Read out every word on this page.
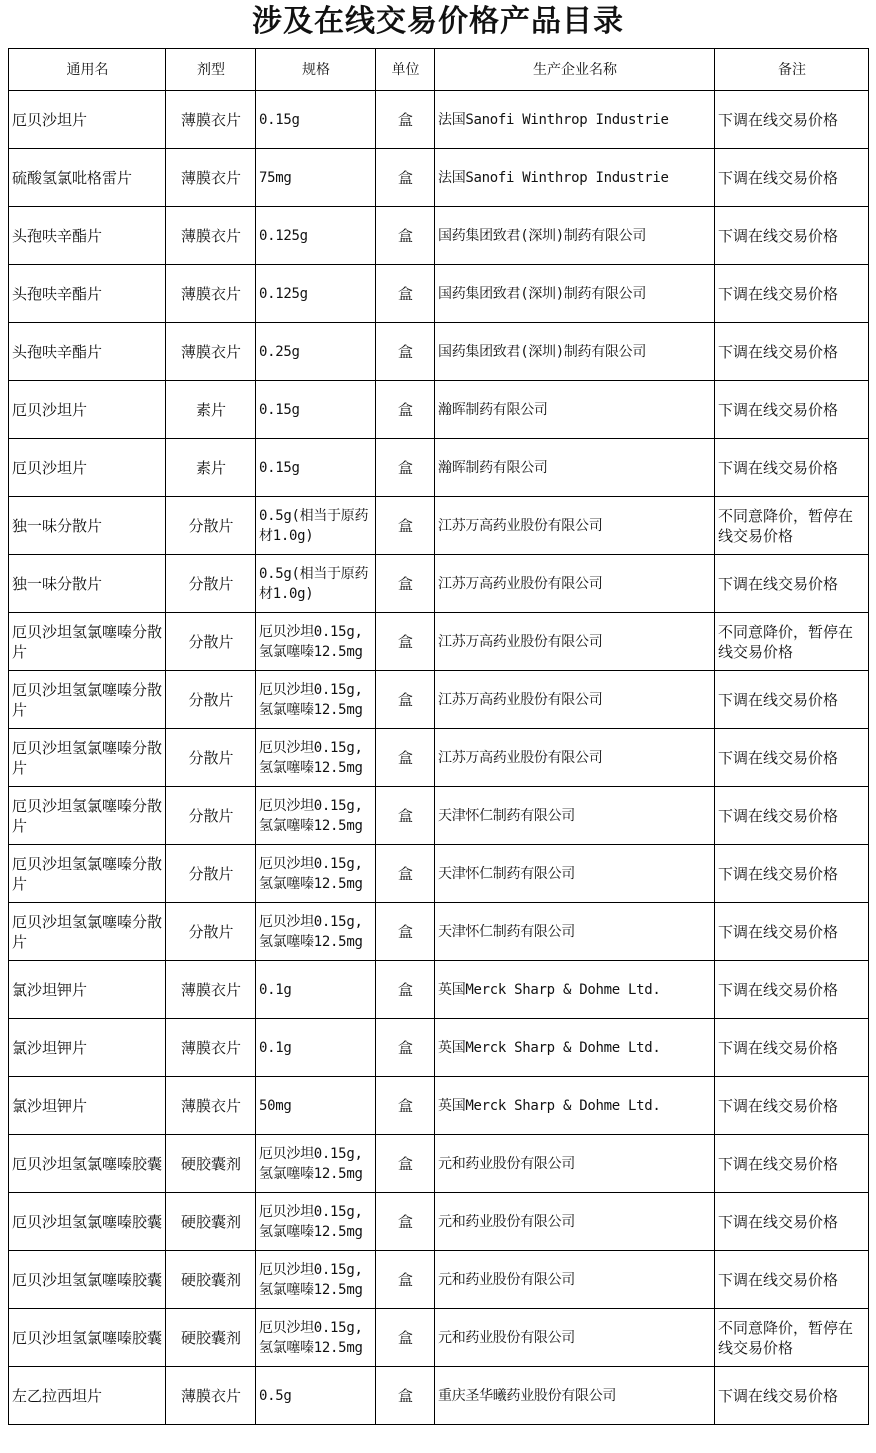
涉及在线交易价格产品目录
通用名	剂型	规格	单位	生产企业名称	备注
厄贝沙坦片	薄膜衣片	0.15g	盒	法国Sanofi Winthrop Industrie	下调在线交易价格
硫酸氢氯吡格雷片	薄膜衣片	75mg	盒	法国Sanofi Winthrop Industrie	下调在线交易价格
头孢呋辛酯片	薄膜衣片	0.125g	盒	国药集团致君(深圳)制药有限公司	下调在线交易价格
头孢呋辛酯片	薄膜衣片	0.125g	盒	国药集团致君(深圳)制药有限公司	下调在线交易价格
头孢呋辛酯片	薄膜衣片	0.25g	盒	国药集团致君(深圳)制药有限公司	下调在线交易价格
厄贝沙坦片	素片	0.15g	盒	瀚晖制药有限公司	下调在线交易价格
厄贝沙坦片	素片	0.15g	盒	瀚晖制药有限公司	下调在线交易价格
独一味分散片	分散片	0.5g(相当于原药材1.0g)	盒	江苏万高药业股份有限公司	不同意降价，暂停在线交易价格
独一味分散片	分散片	0.5g(相当于原药材1.0g)	盒	江苏万高药业股份有限公司	下调在线交易价格
厄贝沙坦氢氯噻嗪分散片	分散片	厄贝沙坦0.15g,氢氯噻嗪12.5mg	盒	江苏万高药业股份有限公司	不同意降价，暂停在线交易价格
厄贝沙坦氢氯噻嗪分散片	分散片	厄贝沙坦0.15g,氢氯噻嗪12.5mg	盒	江苏万高药业股份有限公司	下调在线交易价格
厄贝沙坦氢氯噻嗪分散片	分散片	厄贝沙坦0.15g,氢氯噻嗪12.5mg	盒	江苏万高药业股份有限公司	下调在线交易价格
厄贝沙坦氢氯噻嗪分散片	分散片	厄贝沙坦0.15g,氢氯噻嗪12.5mg	盒	天津怀仁制药有限公司	下调在线交易价格
厄贝沙坦氢氯噻嗪分散片	分散片	厄贝沙坦0.15g,氢氯噻嗪12.5mg	盒	天津怀仁制药有限公司	下调在线交易价格
厄贝沙坦氢氯噻嗪分散片	分散片	厄贝沙坦0.15g,氢氯噻嗪12.5mg	盒	天津怀仁制药有限公司	下调在线交易价格
氯沙坦钾片	薄膜衣片	0.1g	盒	英国Merck Sharp & Dohme Ltd.	下调在线交易价格
氯沙坦钾片	薄膜衣片	0.1g	盒	英国Merck Sharp & Dohme Ltd.	下调在线交易价格
氯沙坦钾片	薄膜衣片	50mg	盒	英国Merck Sharp & Dohme Ltd.	下调在线交易价格
厄贝沙坦氢氯噻嗪胶囊	硬胶囊剂	厄贝沙坦0.15g,氢氯噻嗪12.5mg	盒	元和药业股份有限公司	下调在线交易价格
厄贝沙坦氢氯噻嗪胶囊	硬胶囊剂	厄贝沙坦0.15g,氢氯噻嗪12.5mg	盒	元和药业股份有限公司	下调在线交易价格
厄贝沙坦氢氯噻嗪胶囊	硬胶囊剂	厄贝沙坦0.15g,氢氯噻嗪12.5mg	盒	元和药业股份有限公司	下调在线交易价格
厄贝沙坦氢氯噻嗪胶囊	硬胶囊剂	厄贝沙坦0.15g,氢氯噻嗪12.5mg	盒	元和药业股份有限公司	不同意降价，暂停在线交易价格
左乙拉西坦片	薄膜衣片	0.5g	盒	重庆圣华曦药业股份有限公司	下调在线交易价格
